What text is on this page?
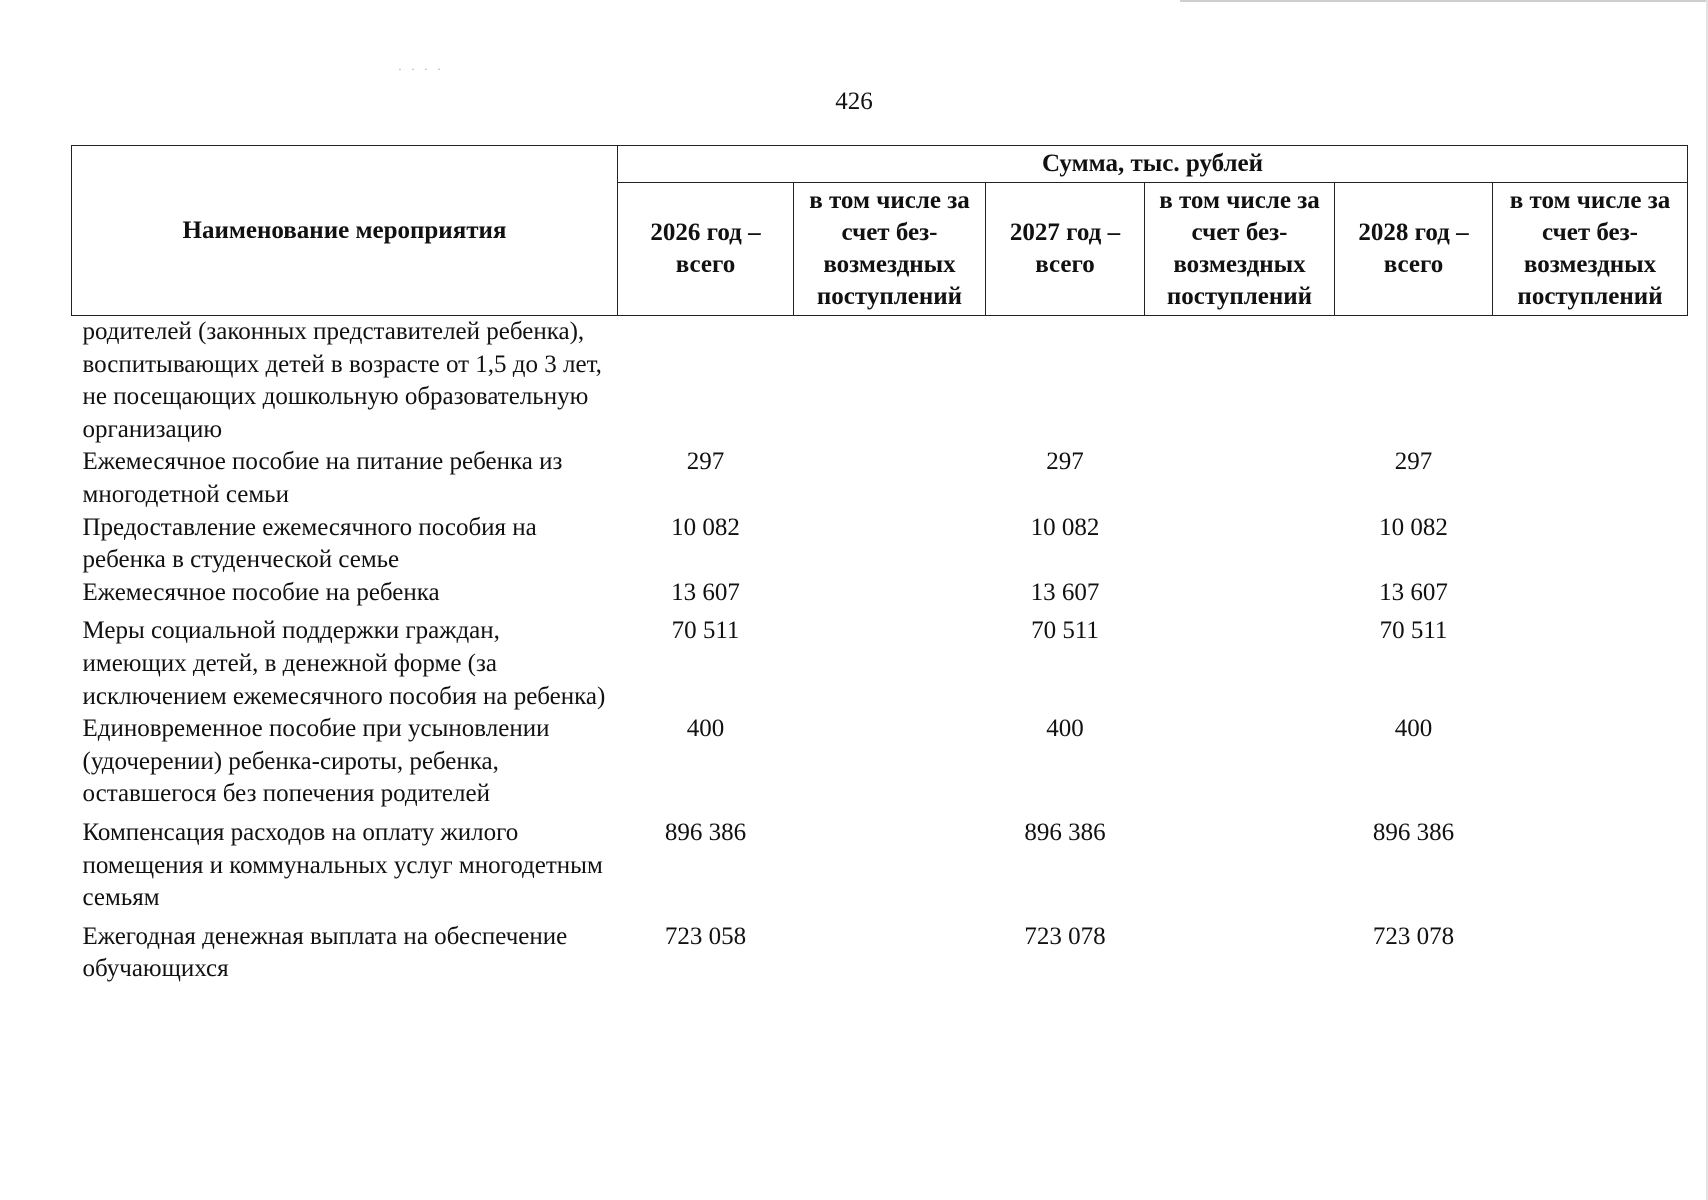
· · · ·
426
Наименование мероприятия	Сумма, тыс. рублей					
	2026 год – всего	в том числе за счет без-возмездных поступлений	2027 год – всего	в том числе за счет без-возмездных поступлений	2028 год – всего	в том числе за счет без-возмездных поступлений
родителей (законных представителей ребенка), воспитывающих детей в возрасте от 1,5 до 3 лет, не посещающих дошкольную образовательную организацию						
Ежемесячное пособие на питание ребенка из многодетной семьи	297		297		297	
Предоставление ежемесячного пособия на ребенка в студенческой семье	10 082		10 082		10 082	
Ежемесячное пособие на ребенка	13 607		13 607		13 607	
Меры социальной поддержки граждан, имеющих детей, в денежной форме (за исключением ежемесячного пособия на ребенка)	70 511		70 511		70 511	
Единовременное пособие при усыновлении (удочерении) ребенка-сироты, ребенка, оставшегося без попечения родителей	400		400		400	
Компенсация расходов на оплату жилого помещения и коммунальных услуг многодетным семьям	896 386		896 386		896 386	
Ежегодная денежная выплата на обеспечение обучающихся	723 058		723 078		723 078	
